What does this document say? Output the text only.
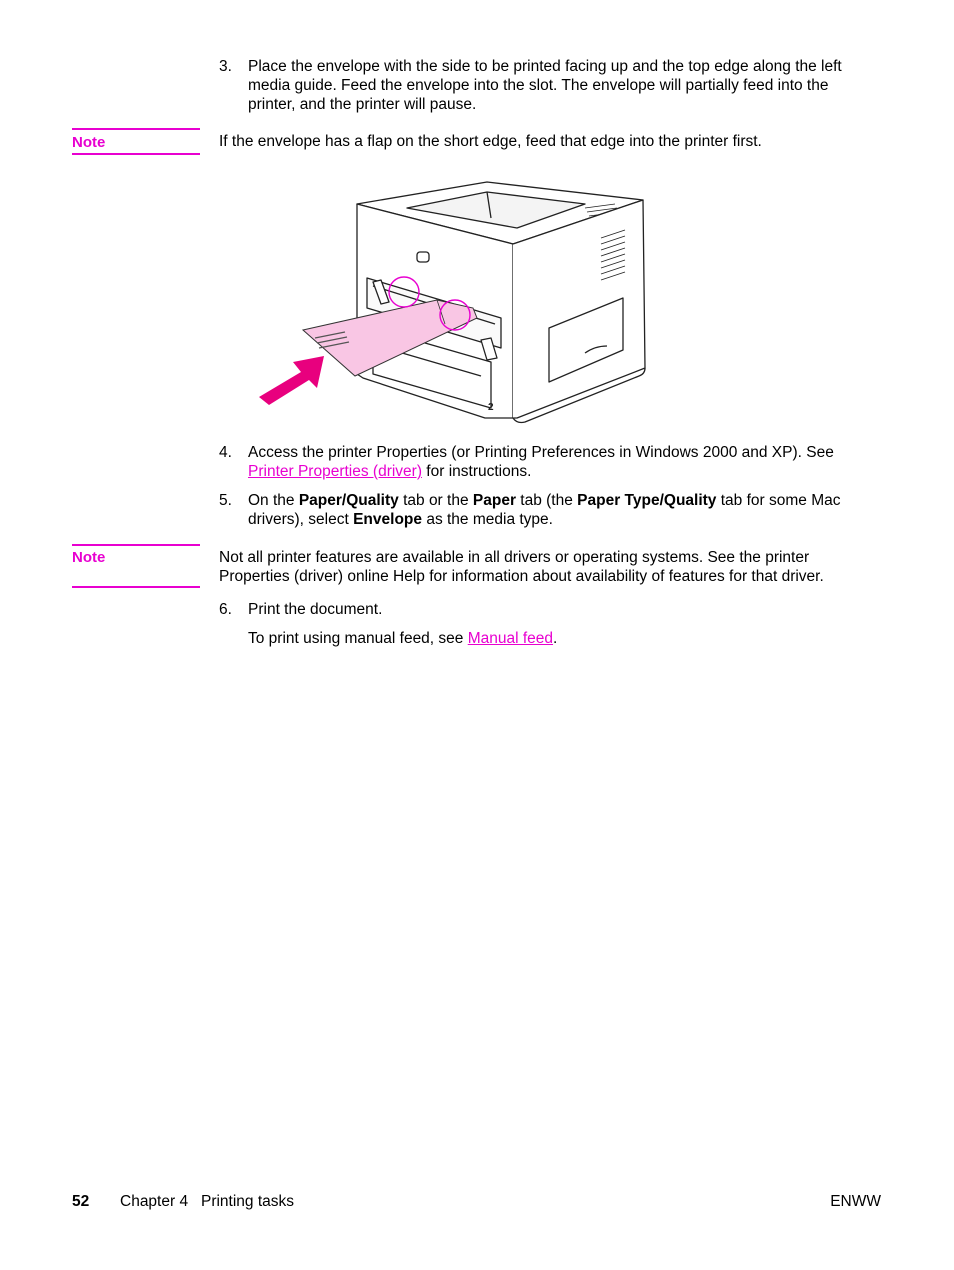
3. Place the envelope with the side to be printed facing up and the top edge along the left media guide. Feed the envelope into the slot. The envelope will partially feed into the printer, and the printer will pause.
Note	If the envelope has a flap on the short edge, feed that edge into the printer first.
2
4. Access the printer Properties (or Printing Preferences in Windows 2000 and XP). See Printer Properties (driver) for instructions.
5. On the Paper/Quality tab or the Paper tab (the Paper Type/Quality tab for some Mac drivers), select Envelope as the media type.
Note	Not all printer features are available in all drivers or operating systems. See the printer Properties (driver) online Help for information about availability of features for that driver.
6. Print the document.
To print using manual feed, see Manual feed.
52 Chapter 4   Printing tasks	ENWW
